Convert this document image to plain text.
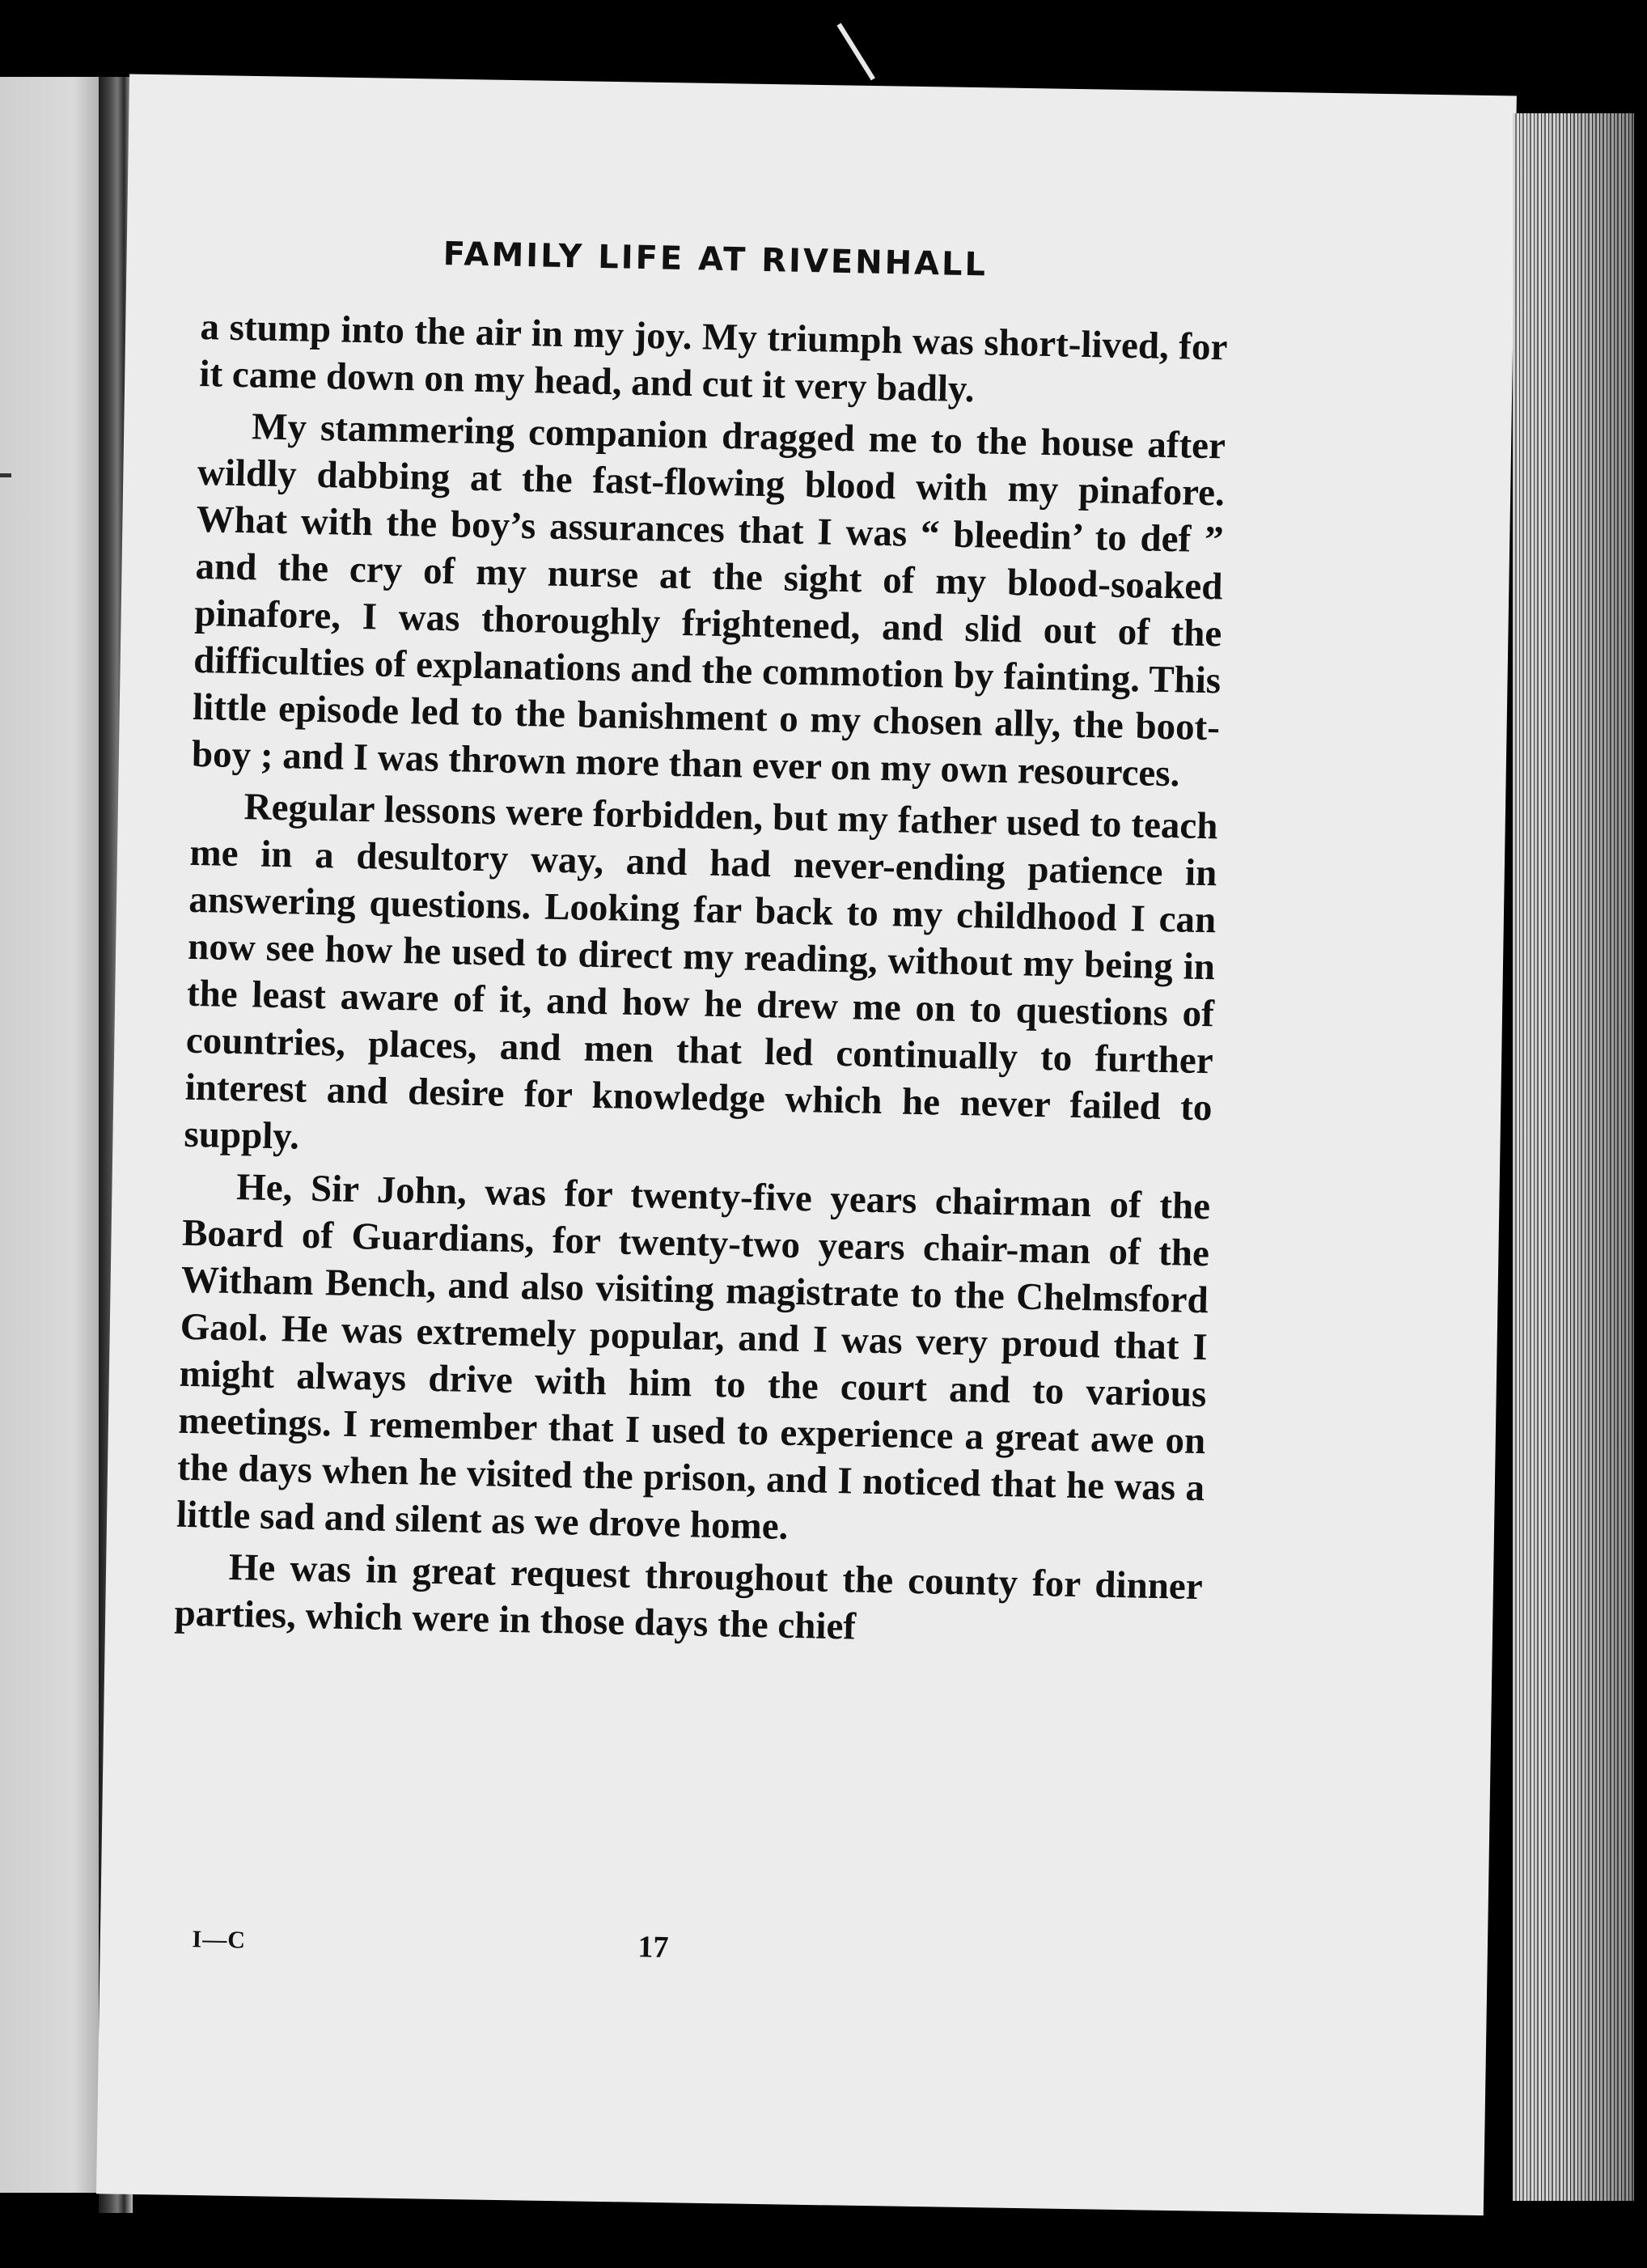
FAMILY LIFE AT RIVENHALL

a stump into the air in my joy. My triumph was short-lived, for it came down on my head, and cut it very badly.

My stammering companion dragged me to the house after wildly dabbing at the fast-flowing blood with my pinafore. What with the boy’s assurances that I was “ bleedin’ to def ” and the cry of my nurse at the sight of my blood-soaked pinafore, I was thoroughly frightened, and slid out of the difficulties of explanations and the commotion by fainting. This little episode led to the banishment o my chosen ally, the boot-boy ; and I was thrown more than ever on my own resources.

Regular lessons were forbidden, but my father used to teach me in a desultory way, and had never-ending patience in answering questions. Looking far back to my childhood I can now see how he used to direct my reading, without my being in the least aware of it, and how he drew me on to questions of countries, places, and men that led continually to further interest and desire for knowledge which he never failed to supply.

He, Sir John, was for twenty-five years chairman of the Board of Guardians, for twenty-two years chair-man of the Witham Bench, and also visiting magistrate to the Chelmsford Gaol. He was extremely popular, and I was very proud that I might always drive with him to the court and to various meetings. I remember that I used to experience a great awe on the days when he visited the prison, and I noticed that he was a little sad and silent as we drove home.

He was in great request throughout the county for dinner parties, which were in those days the chief

I—C	17
